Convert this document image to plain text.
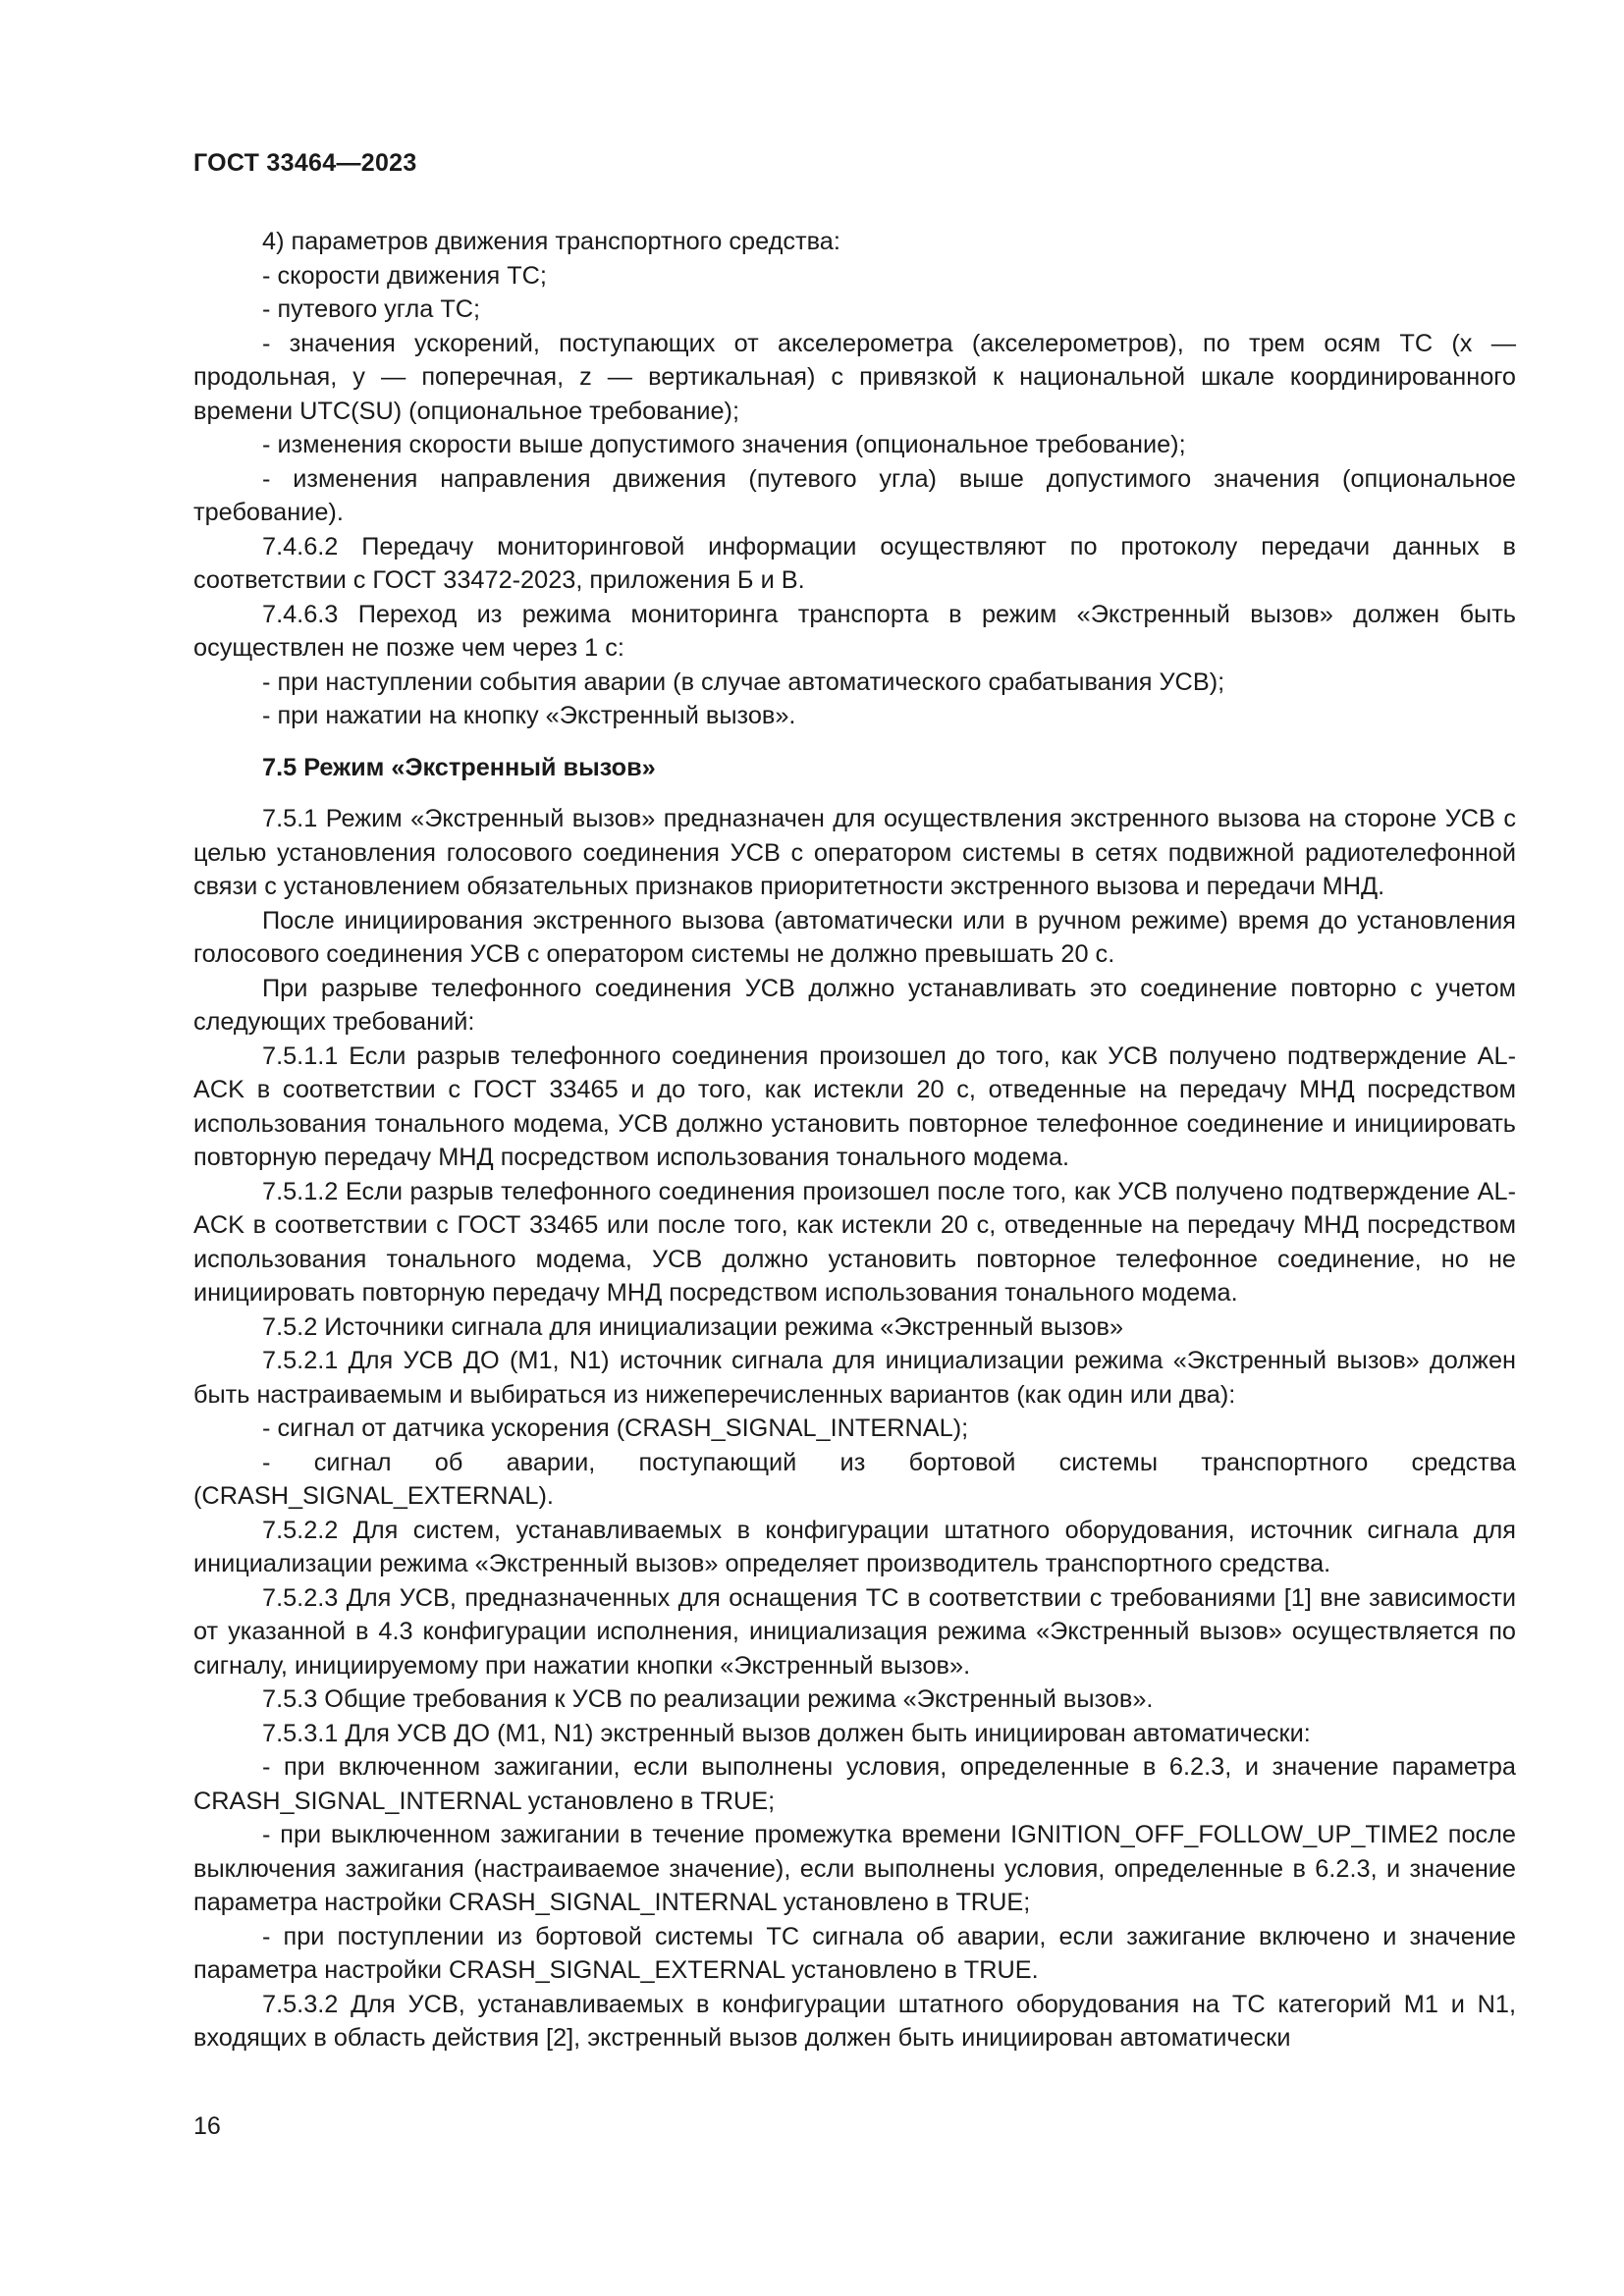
ГОСТ 33464—2023

4) параметров движения транспортного средства:

- скорости движения ТС;

- путевого угла ТС;

- значения ускорений, поступающих от акселерометра (акселерометров), по трем осям ТС (x — продольная, y — поперечная, z — вертикальная) с привязкой к национальной шкале координированного времени UTC(SU) (опциональное требование);

- изменения скорости выше допустимого значения (опциональное требование);

- изменения направления движения (путевого угла) выше допустимого значения (опциональное требование).

7.4.6.2 Передачу мониторинговой информации осуществляют по протоколу передачи данных в соответствии с ГОСТ 33472-2023, приложения Б и В.

7.4.6.3 Переход из режима мониторинга транспорта в режим «Экстренный вызов» должен быть осуществлен не позже чем через 1 с:

- при наступлении события аварии (в случае автоматического срабатывания УСВ);

- при нажатии на кнопку «Экстренный вызов».

7.5 Режим «Экстренный вызов»

7.5.1 Режим «Экстренный вызов» предназначен для осуществления экстренного вызова на стороне УСВ с целью установления голосового соединения УСВ с оператором системы в сетях подвижной радиотелефонной связи с установлением обязательных признаков приоритетности экстренного вызова и передачи МНД.

После инициирования экстренного вызова (автоматически или в ручном режиме) время до установления голосового соединения УСВ с оператором системы не должно превышать 20 с.

При разрыве телефонного соединения УСВ должно устанавливать это соединение повторно с учетом следующих требований:

7.5.1.1 Если разрыв телефонного соединения произошел до того, как УСВ получено подтверждение AL-ACK в соответствии с ГОСТ 33465 и до того, как истекли 20 с, отведенные на передачу МНД посредством использования тонального модема, УСВ должно установить повторное телефонное соединение и инициировать повторную передачу МНД посредством использования тонального модема.

7.5.1.2 Если разрыв телефонного соединения произошел после того, как УСВ получено подтверждение AL-ACK в соответствии с ГОСТ 33465 или после того, как истекли 20 с, отведенные на передачу МНД посредством использования тонального модема, УСВ должно установить повторное телефонное соединение, но не инициировать повторную передачу МНД посредством использования тонального модема.

7.5.2 Источники сигнала для инициализации режима «Экстренный вызов»

7.5.2.1 Для УСВ ДО (M1, N1) источник сигнала для инициализации режима «Экстренный вызов» должен быть настраиваемым и выбираться из нижеперечисленных вариантов (как один или два):

- сигнал от датчика ускорения (CRASH_SIGNAL_INTERNAL);

- сигнал об аварии, поступающий из бортовой системы транспортного средства (CRASH_SIGNAL_EXTERNAL).

7.5.2.2 Для систем, устанавливаемых в конфигурации штатного оборудования, источник сигнала для инициализации режима «Экстренный вызов» определяет производитель транспортного средства.

7.5.2.3 Для УСВ, предназначенных для оснащения ТС в соответствии с требованиями [1] вне зависимости от указанной в 4.3 конфигурации исполнения, инициализация режима «Экстренный вызов» осуществляется по сигналу, инициируемому при нажатии кнопки «Экстренный вызов».

7.5.3 Общие требования к УСВ по реализации режима «Экстренный вызов».

7.5.3.1 Для УСВ ДО (M1, N1) экстренный вызов должен быть инициирован автоматически:

- при включенном зажигании, если выполнены условия, определенные в 6.2.3, и значение параметра CRASH_SIGNAL_INTERNAL установлено в TRUE;

- при выключенном зажигании в течение промежутка времени IGNITION_OFF_FOLLOW_UP_TIME2 после выключения зажигания (настраиваемое значение), если выполнены условия, определенные в 6.2.3, и значение параметра настройки CRASH_SIGNAL_INTERNAL установлено в TRUE;

- при поступлении из бортовой системы ТС сигнала об аварии, если зажигание включено и значение параметра настройки CRASH_SIGNAL_EXTERNAL установлено в TRUE.

7.5.3.2 Для УСВ, устанавливаемых в конфигурации штатного оборудования на ТС категорий M1 и N1, входящих в область действия [2], экстренный вызов должен быть инициирован автоматически

16
